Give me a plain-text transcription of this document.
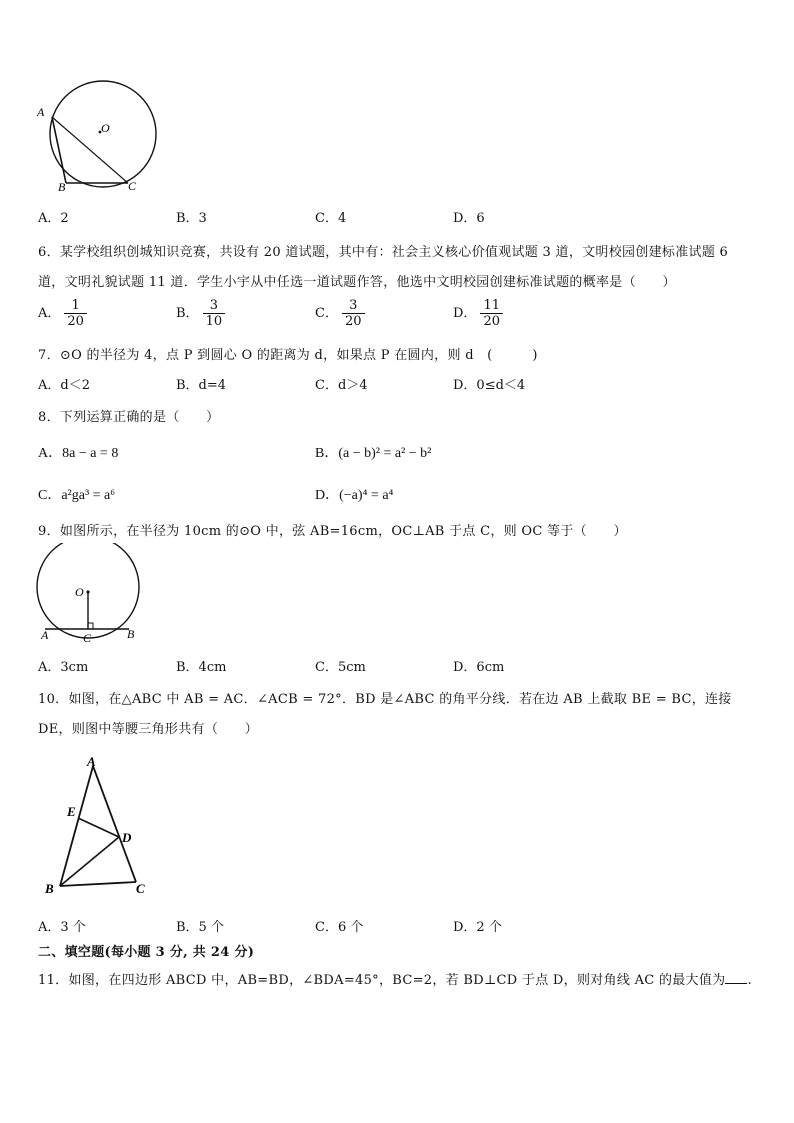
A
O
B	C
A．2	B．3	C．4	D．6
6．某学校组织创城知识竞赛，共设有 20 道试题，其中有：社会主义核心价值观试题 3 道，文明校园创建标准试题 6
道，文明礼貌试题 11 道．学生小宇从中任选一道试题作答，他选中文明校园创建标准试题的概率是（　　）
A． $\frac{1}{20}$	B． $\frac{3}{10}$	C． $\frac{3}{20}$	D． $\frac{11}{20}$
7．⊙O 的半径为 4，点 P 到圆心 O 的距离为 d，如果点 P 在圆内，则 d　(　　　)
A．d＜2	B．d=4	C．d＞4	D．0≤d＜4
8．下列运算正确的是（　　）
A．8a − a = 8	B．(a − b)² = a² − b²
C．a²ga³ = a⁶	D．(−a)⁴ = a⁴
9．如图所示，在半径为 10cm 的⊙O 中，弦 AB=16cm，OC⊥AB 于点 C，则 OC 等于（　　）
O
A	C	B
A．3cm	B．4cm	C．5cm	D．6cm
10．如图，在△ABC 中 AB = AC．∠ACB = 72°．BD 是∠ABC 的角平分线．若在边 AB 上截取 BE = BC，连接
DE，则图中等腰三角形共有（　　）
A
E
D
B	C
A．3 个	B．5 个	C．6 个	D．2 个
二、填空题(每小题 3 分, 共 24 分)
11．如图，在四边形 ABCD 中，AB=BD，∠BDA=45°，BC=2，若 BD⊥CD 于点 D，则对角线 AC 的最大值为 .
